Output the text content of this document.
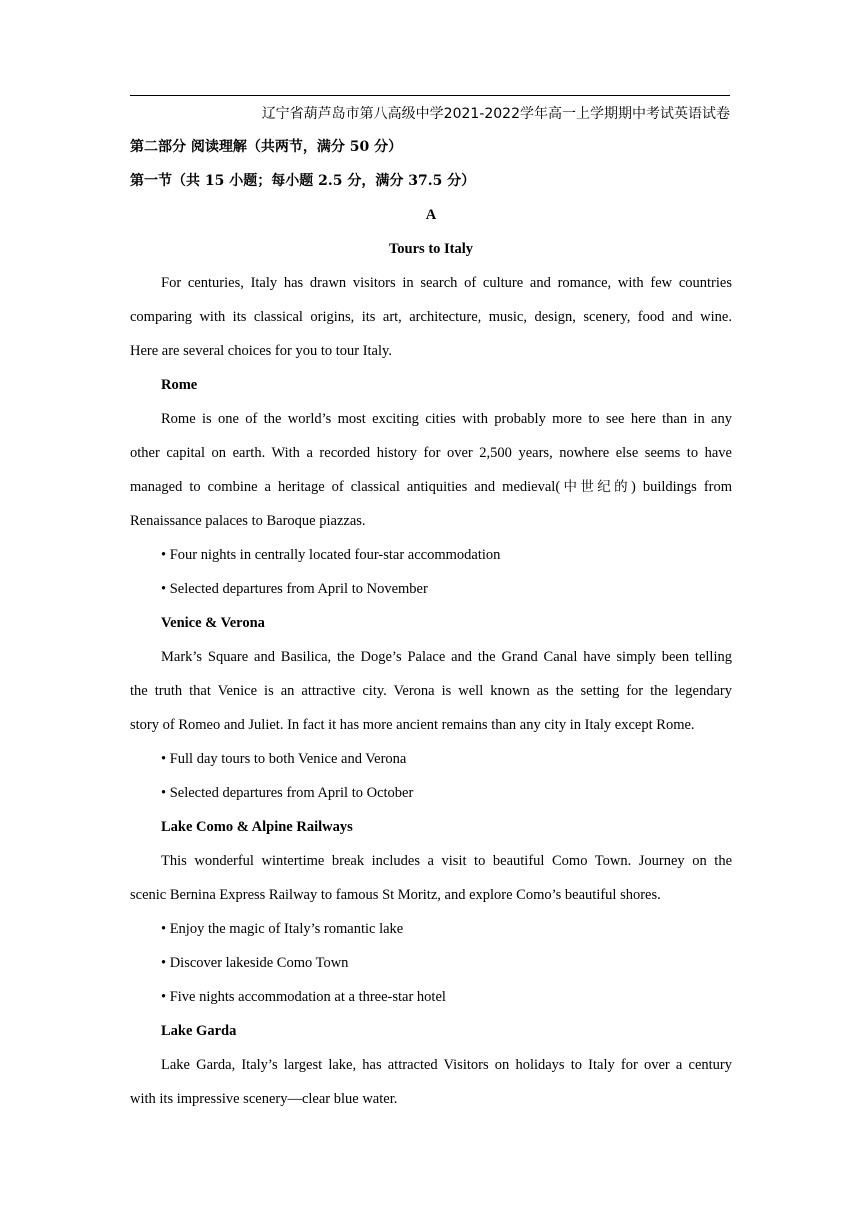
辽宁省葫芦岛市第八高级中学2021-2022学年高一上学期期中考试英语试卷

第二部分 阅读理解（共两节，满分 50 分）

第一节（共 15 小题；每小题 2.5 分，满分 37.5 分）

A

Tours to Italy

For centuries, Italy has drawn visitors in search of culture and romance, with few countries

comparing with its classical origins, its art, architecture, music, design, scenery, food and wine.

Here are several choices for you to tour Italy.

Rome

Rome is one of the world’s most exciting cities with probably more to see here than in any

other capital on earth. With a recorded history for over 2,500 years, nowhere else seems to have

managed to combine a heritage of classical antiquities and medieval(中世纪的) buildings from

Renaissance palaces to Baroque piazzas.

• Four nights in centrally located four-star accommodation

• Selected departures from April to November

Venice & Verona

Mark’s Square and Basilica, the Doge’s Palace and the Grand Canal have simply been telling

the truth that Venice is an attractive city. Verona is well known as the setting for the legendary

story of Romeo and Juliet. In fact it has more ancient remains than any city in Italy except Rome.

• Full day tours to both Venice and Verona

• Selected departures from April to October

Lake Como & Alpine Railways

This wonderful wintertime break includes a visit to beautiful Como Town. Journey on the

scenic Bernina Express Railway to famous St Moritz, and explore Como’s beautiful shores.

• Enjoy the magic of Italy’s romantic lake

• Discover lakeside Como Town

• Five nights accommodation at a three-star hotel

Lake Garda

Lake Garda, Italy’s largest lake, has attracted Visitors on holidays to Italy for over a century

with its impressive scenery—clear blue water.
